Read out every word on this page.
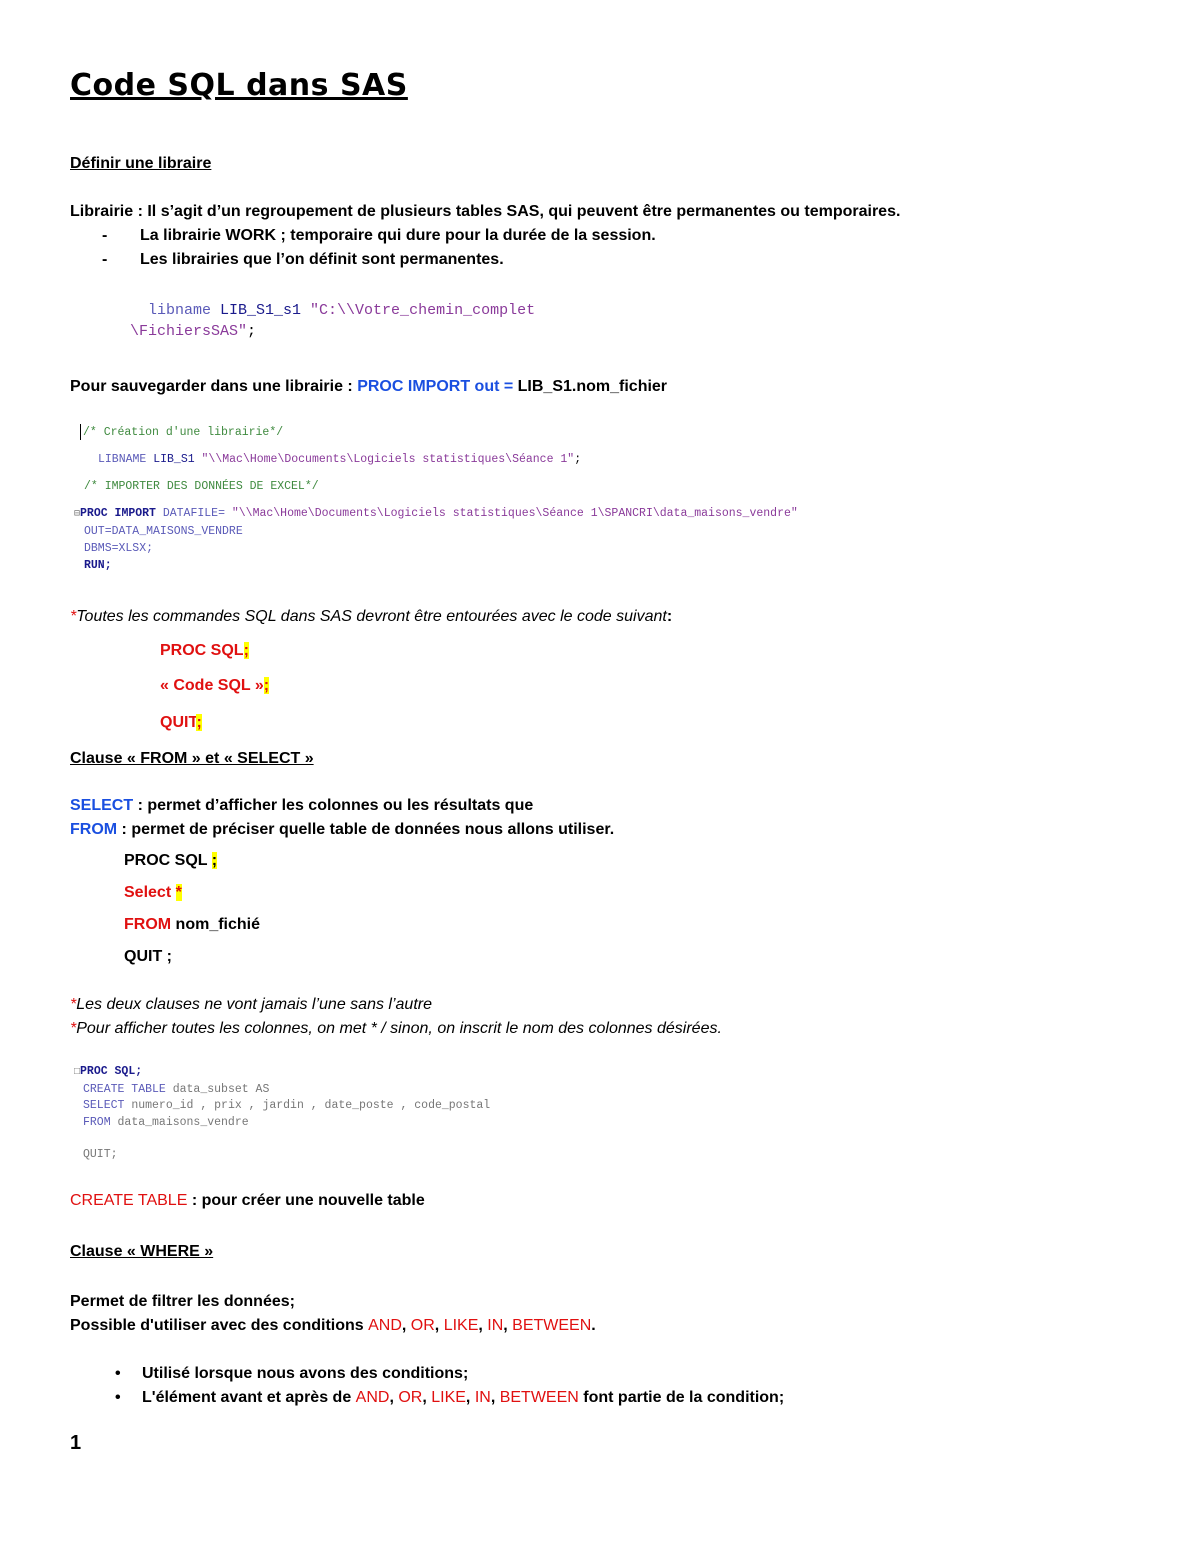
Code SQL dans SAS
Définir une libraire
Librairie : Il s’agit d’un regroupement de plusieurs tables SAS, qui peuvent être permanentes ou temporaires.
- La librairie WORK ; temporaire qui dure pour la durée de la session.
- Les librairies que l’on définit sont permanentes.
libname LIB_S1_s1 "C:\\Votre_chemin_complet
\FichiersSAS";
Pour sauvegarder dans une librairie : PROC IMPORT out = LIB_S1.nom_fichier
/* Création d'une librairie*/
LIBNAME LIB_S1 "\\Mac\Home\Documents\Logiciels statistiques\Séance 1";
/* IMPORTER DES DONNÉES DE EXCEL*/
⊟PROC IMPORT DATAFILE= "\\Mac\Home\Documents\Logiciels statistiques\Séance 1\SPANCRI\data_maisons_vendre"
OUT=DATA_MAISONS_VENDRE
DBMS=XLSX;
RUN;
*Toutes les commandes SQL dans SAS devront être entourées avec le code suivant:
PROC SQL;
« Code SQL »;
QUIT;
Clause « FROM » et « SELECT »
SELECT : permet d’afficher les colonnes ou les résultats que
FROM : permet de préciser quelle table de données nous allons utiliser.
PROC SQL ;
Select *
FROM nom_fichié
QUIT ;
*Les deux clauses ne vont jamais l’une sans l’autre
*Pour afficher toutes les colonnes, on met * / sinon, on inscrit le nom des colonnes désirées.
□PROC SQL;
CREATE TABLE data_subset AS
SELECT numero_id , prix , jardin , date_poste , code_postal
FROM data_maisons_vendre
QUIT;
CREATE TABLE : pour créer une nouvelle table
Clause « WHERE »
Permet de filtrer les données;
Possible d'utiliser avec des conditions AND, OR, LIKE, IN, BETWEEN.
• Utilisé lorsque nous avons des conditions;
• L'élément avant et après de AND, OR, LIKE, IN, BETWEEN font partie de la condition;
1
